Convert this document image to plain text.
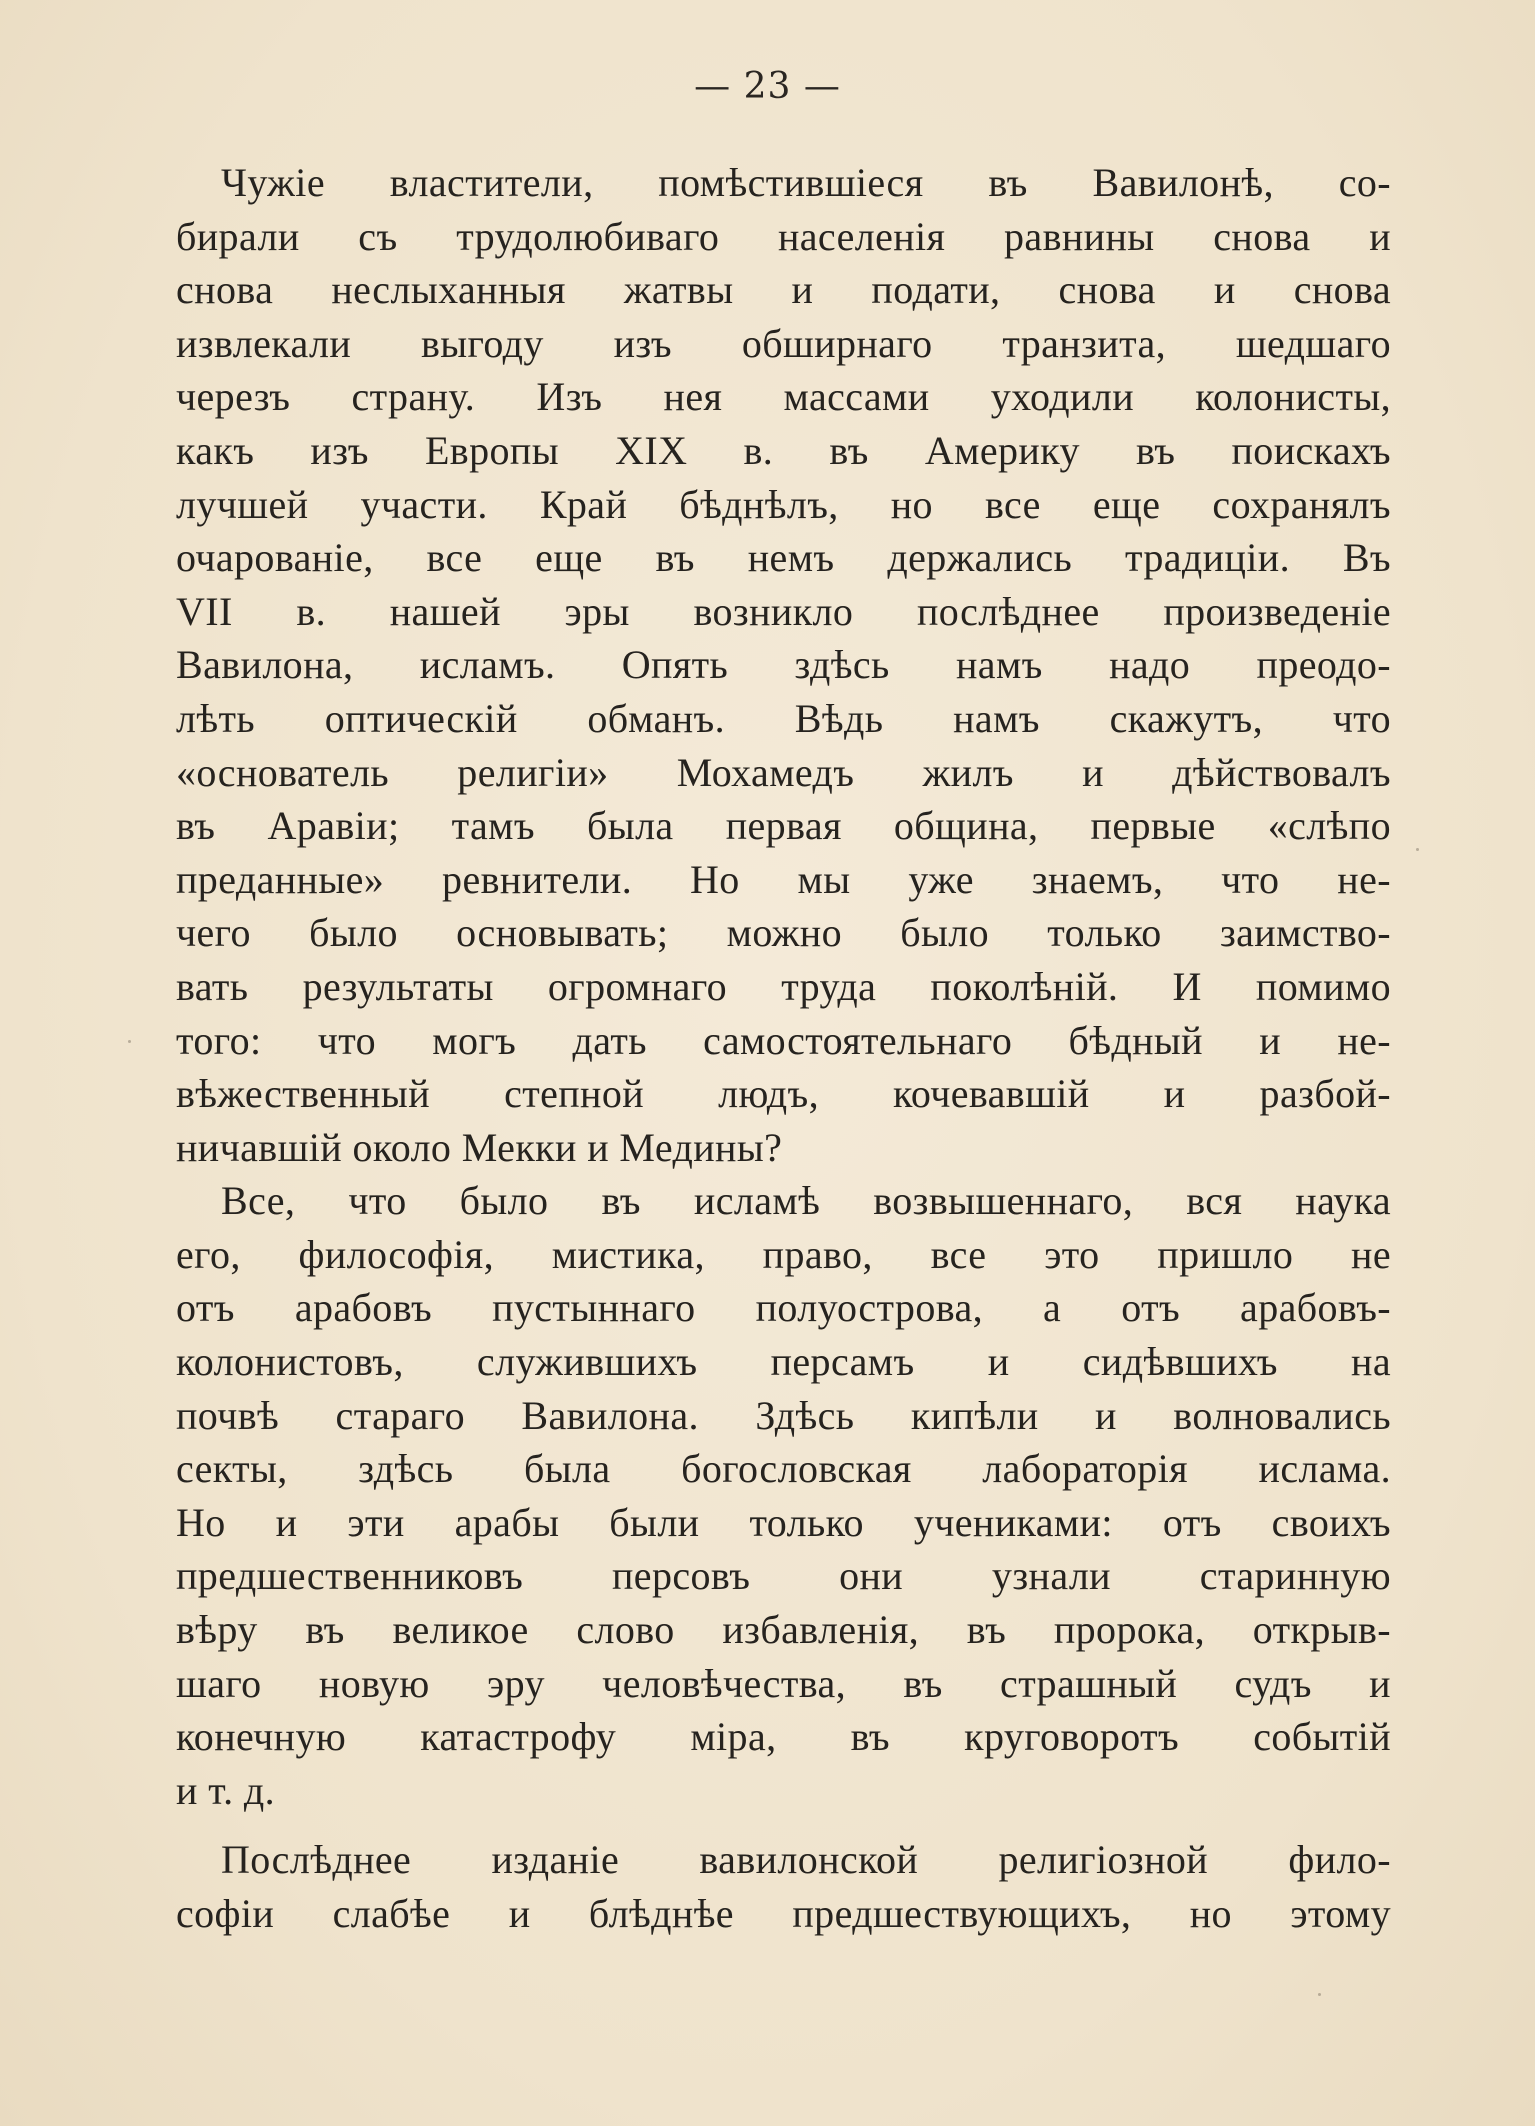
— 23 —
Чужіе властители, помѣстившіеся въ Вавилонѣ, со-
бирали съ трудолюбиваго населенія равнины снова и
снова неслыханныя жатвы и подати, снова и снова
извлекали выгоду изъ обширнаго транзита, шедшаго
черезъ страну. Изъ нея массами уходили колонисты,
какъ изъ Европы XIX в. въ Америку въ поискахъ
лучшей участи. Край бѣднѣлъ, но все еще сохранялъ
очарованіе, все еще въ немъ держались традиціи. Въ
VII в. нашей эры возникло послѣднее произведеніе
Вавилона, исламъ. Опять здѣсь намъ надо преодо-
лѣть оптическій обманъ. Вѣдь намъ скажутъ, что
«основатель религіи» Мохамедъ жилъ и дѣйствовалъ
въ Аравіи; тамъ была первая община, первые «слѣпо
преданные» ревнители. Но мы уже знаемъ, что не-
чего было основывать; можно было только заимство-
вать результаты огромнаго труда поколѣній. И помимо
того: что могъ дать самостоятельнаго бѣдный и не-
вѣжественный степной людъ, кочевавшій и разбой-
ничавшій около Мекки и Медины?
Все, что было въ исламѣ возвышеннаго, вся наука
его, философія, мистика, право, все это пришло не
отъ арабовъ пустыннаго полуострова, а отъ арабовъ-
колонистовъ, служившихъ персамъ и сидѣвшихъ на
почвѣ стараго Вавилона. Здѣсь кипѣли и волновались
секты, здѣсь была богословская лабораторія ислама.
Но и эти арабы были только учениками: отъ своихъ
предшественниковъ персовъ они узнали старинную
вѣру въ великое слово избавленія, въ пророка, открыв-
шаго новую эру человѣчества, въ страшный судъ и
конечную катастрофу міра, въ круговоротъ событій
и т. д.
Послѣднее изданіе вавилонской религіозной фило-
софіи слабѣе и блѣднѣе предшествующихъ, но этому
